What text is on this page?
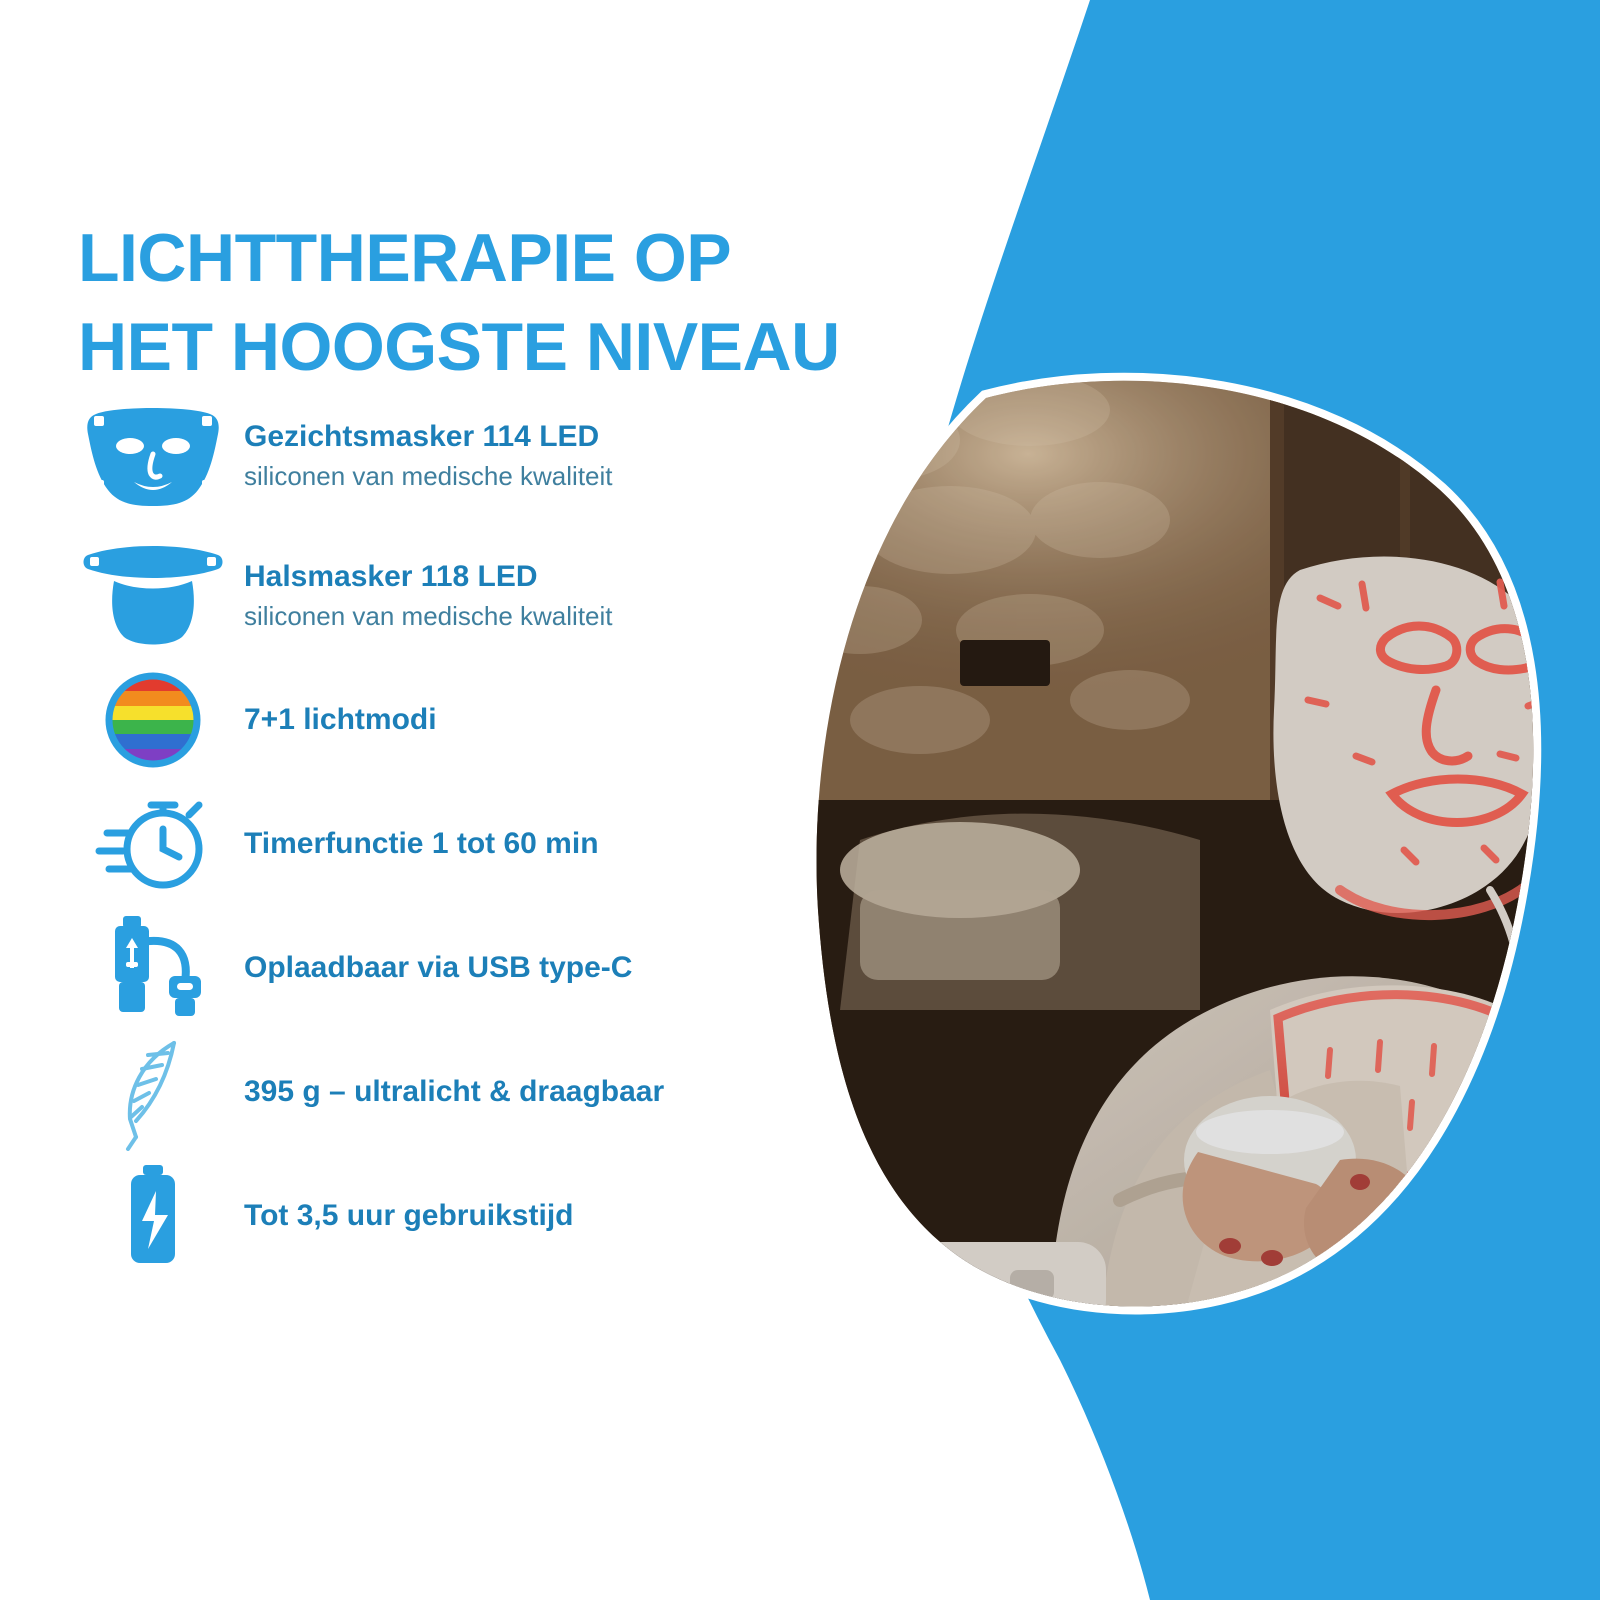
LICHTTHERAPIE OP
HET HOOGSTE NIVEAU
Gezichtsmasker 114 LED
siliconen van medische kwaliteit
Halsmasker 118 LED
siliconen van medische kwaliteit
7+1 lichtmodi
Timerfunctie 1 tot 60 min
Oplaadbaar via USB type-C
395 g – ultralicht & draagbaar
Tot 3,5 uur gebruikstijd
